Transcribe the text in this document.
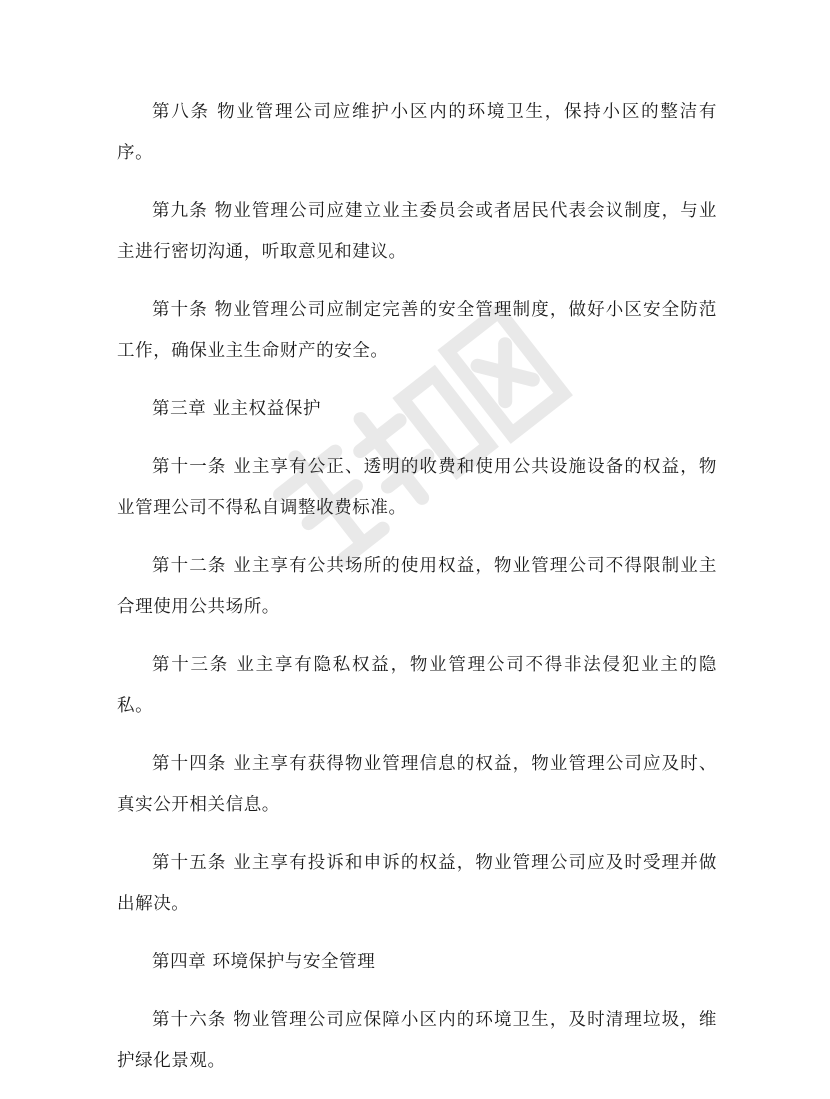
第八条 物业管理公司应维护小区内的环境卫生，保持小区的整洁有序。

第九条 物业管理公司应建立业主委员会或者居民代表会议制度，与业主进行密切沟通，听取意见和建议。

第十条 物业管理公司应制定完善的安全管理制度，做好小区安全防范工作，确保业主生命财产的安全。

第三章 业主权益保护

第十一条 业主享有公正、透明的收费和使用公共设施设备的权益，物业管理公司不得私自调整收费标准。

第十二条 业主享有公共场所的使用权益，物业管理公司不得限制业主合理使用公共场所。

第十三条 业主享有隐私权益，物业管理公司不得非法侵犯业主的隐私。

第十四条 业主享有获得物业管理信息的权益，物业管理公司应及时、真实公开相关信息。

第十五条 业主享有投诉和申诉的权益，物业管理公司应及时受理并做出解决。

第四章 环境保护与安全管理

第十六条 物业管理公司应保障小区内的环境卫生，及时清理垃圾，维护绿化景观。
